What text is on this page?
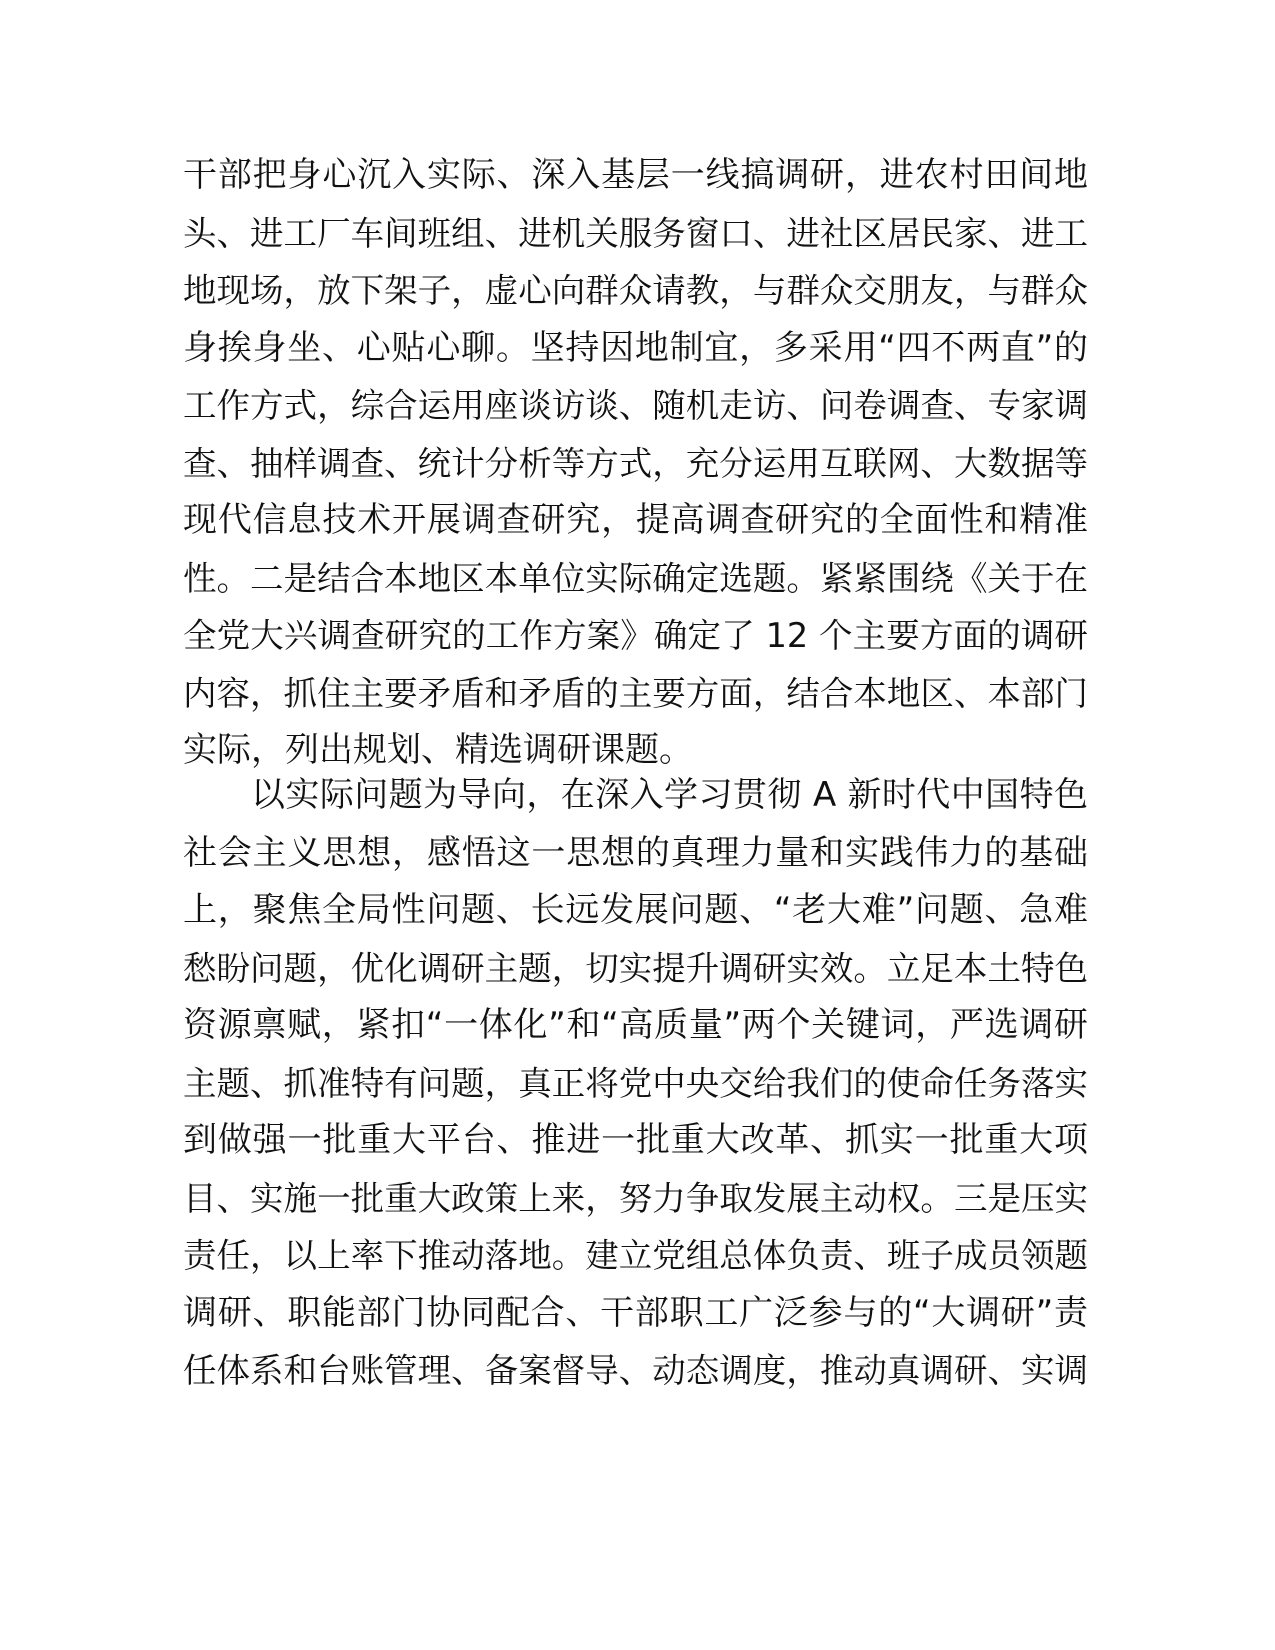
干部把身心沉入实际、深入基层一线搞调研，进农村田间地
头、进工厂车间班组、进机关服务窗口、进社区居民家、进工
地现场，放下架子，虚心向群众请教，与群众交朋友，与群众
身挨身坐、心贴心聊。坚持因地制宜，多采用“四不两直”的
工作方式，综合运用座谈访谈、随机走访、问卷调查、专家调
查、抽样调查、统计分析等方式，充分运用互联网、大数据等
现代信息技术开展调查研究，提高调查研究的全面性和精准
性。二是结合本地区本单位实际确定选题。紧紧围绕《关于在
全党大兴调查研究的工作方案》确定了 12 个主要方面的调研
内容，抓住主要矛盾和矛盾的主要方面，结合本地区、本部门
实际，列出规划、精选调研课题。
以实际问题为导向，在深入学习贯彻 A 新时代中国特色
社会主义思想，感悟这一思想的真理力量和实践伟力的基础
上，聚焦全局性问题、长远发展问题、“老大难”问题、急难
愁盼问题，优化调研主题，切实提升调研实效。立足本土特色
资源禀赋，紧扣“一体化”和“高质量”两个关键词，严选调研
主题、抓准特有问题，真正将党中央交给我们的使命任务落实
到做强一批重大平台、推进一批重大改革、抓实一批重大项
目、实施一批重大政策上来，努力争取发展主动权。三是压实
责任，以上率下推动落地。建立党组总体负责、班子成员领题
调研、职能部门协同配合、干部职工广泛参与的“大调研”责
任体系和台账管理、备案督导、动态调度，推动真调研、实调
